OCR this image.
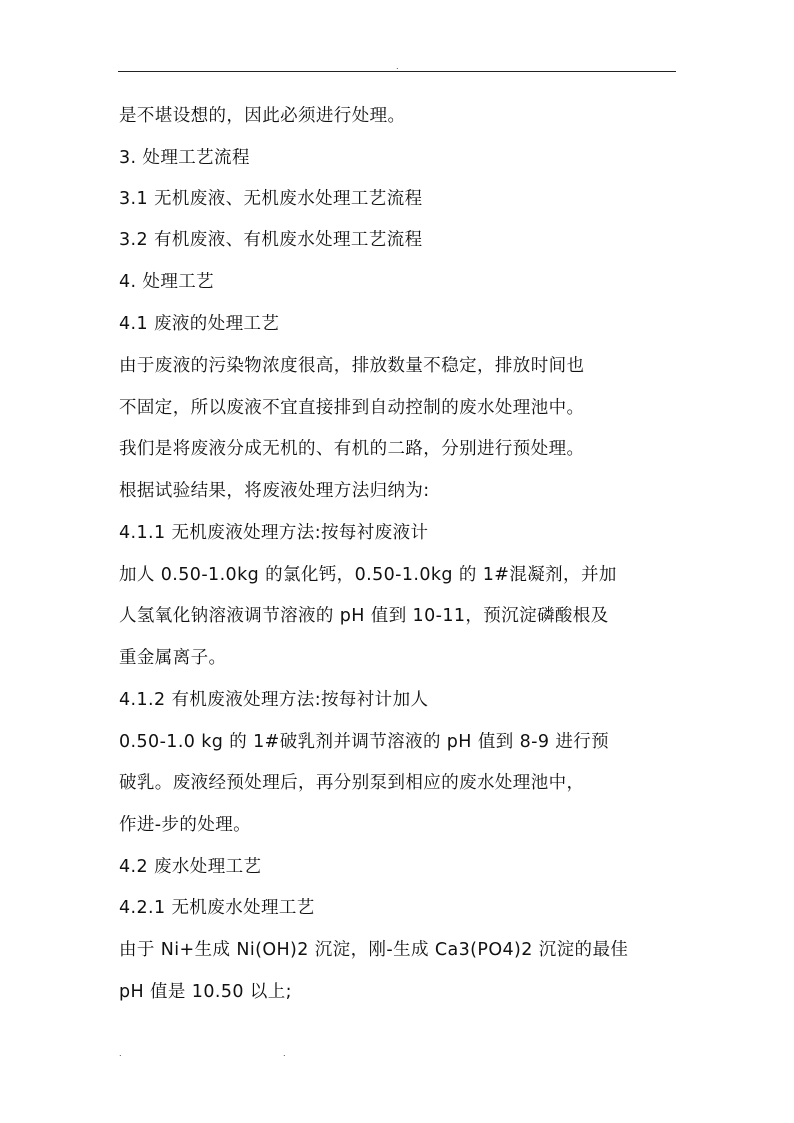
.
是不堪设想的，因此必须进行处理。
3. 处理工艺流程
3.1 无机废液、无机废水处理工艺流程
3.2 有机废液、有机废水处理工艺流程
4. 处理工艺
4.1 废液的处理工艺
由于废液的污染物浓度很高，排放数量不稳定，排放时间也
不固定，所以废液不宜直接排到自动控制的废水处理池中。
我们是将废液分成无机的、有机的二路，分别进行预处理。
根据试验结果，将废液处理方法归纳为:
4.1.1 无机废液处理方法:按每衬废液计
加人 0.50-1.0kg 的氯化钙，0.50-1.0kg 的 1#混凝剂，并加
人氢氧化钠溶液调节溶液的 pH 值到 10-11，预沉淀磷酸根及
重金属离子。
4.1.2 有机废液处理方法:按每衬计加人
0.50-1.0 kg 的 1#破乳剂并调节溶液的 pH 值到 8-9 进行预
破乳。废液经预处理后，再分别泵到相应的废水处理池中，
作进-步的处理。
4.2 废水处理工艺
4.2.1 无机废水处理工艺
由于 Ni+生成 Ni(OH)2 沉淀，刚-生成 Ca3(PO4)2 沉淀的最佳
pH 值是 10.50 以上;
.	.
